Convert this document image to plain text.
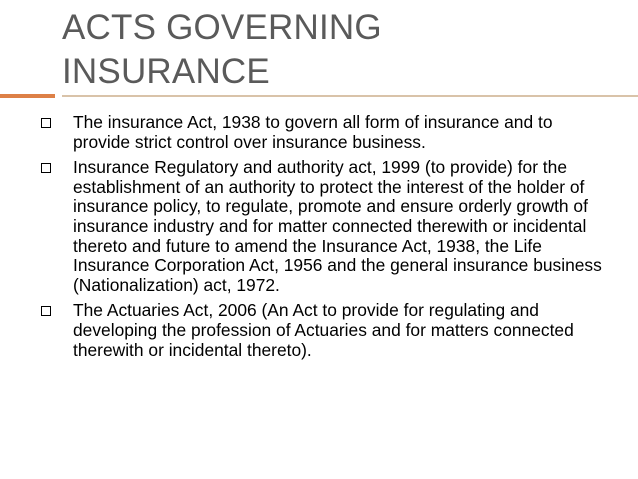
ACTS GOVERNING
INSURANCE
The insurance Act, 1938 to govern all form of insurance and to provide strict control over insurance business.
Insurance Regulatory and authority act, 1999 (to provide) for the establishment of an authority to protect the interest of the holder of insurance policy, to regulate, promote and ensure orderly growth of insurance industry and for matter connected therewith or incidental thereto and future to amend the Insurance Act, 1938, the Life Insurance Corporation Act, 1956 and the general insurance business (Nationalization) act, 1972.
The Actuaries Act, 2006 (An Act to provide for regulating and developing the profession of Actuaries and for matters connected therewith or incidental thereto).
